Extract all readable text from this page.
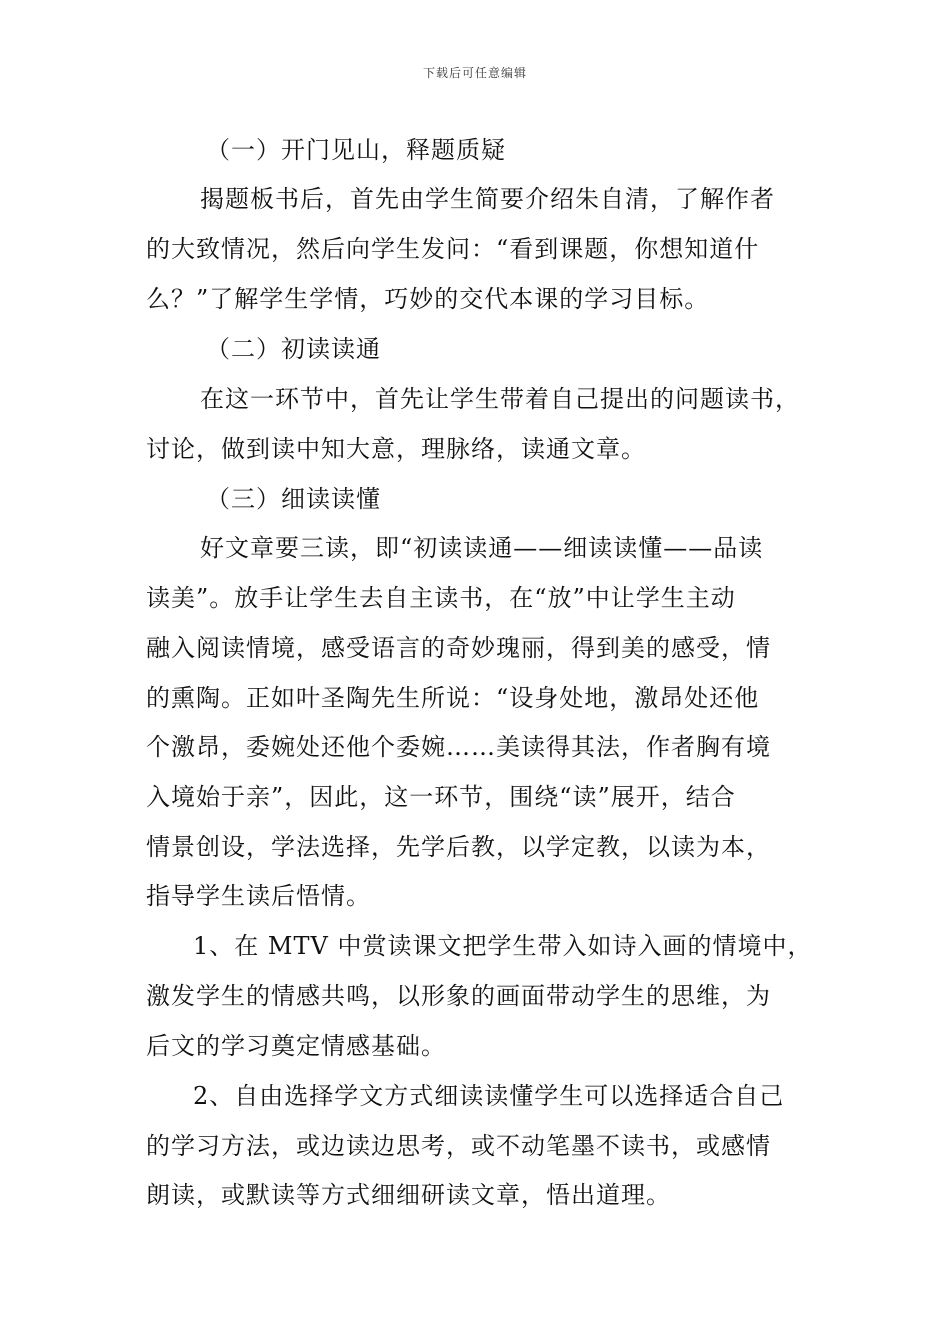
下载后可任意编辑
（一）开门见山，释题质疑
揭题板书后，首先由学生简要介绍朱自清，了解作者
的大致情况，然后向学生发问：“看到课题，你想知道什
么？”了解学生学情，巧妙的交代本课的学习目标。
（二）初读读通
在这一环节中，首先让学生带着自己提出的问题读书，
讨论，做到读中知大意，理脉络，读通文章。
（三）细读读懂
好文章要三读，即“初读读通——细读读懂——品读
读美”。放手让学生去自主读书，在“放”中让学生主动
融入阅读情境，感受语言的奇妙瑰丽，得到美的感受，情
的熏陶。正如叶圣陶先生所说：“设身处地，激昂处还他
个激昂，委婉处还他个委婉……美读得其法，作者胸有境
入境始于亲”，因此，这一环节，围绕“读”展开，结合
情景创设，学法选择，先学后教，以学定教，以读为本，
指导学生读后悟情。
1、在 MTV 中赏读课文把学生带入如诗入画的情境中，
激发学生的情感共鸣，以形象的画面带动学生的思维，为
后文的学习奠定情感基础。
2、自由选择学文方式细读读懂学生可以选择适合自己
的学习方法，或边读边思考，或不动笔墨不读书，或感情
朗读，或默读等方式细细研读文章，悟出道理。
